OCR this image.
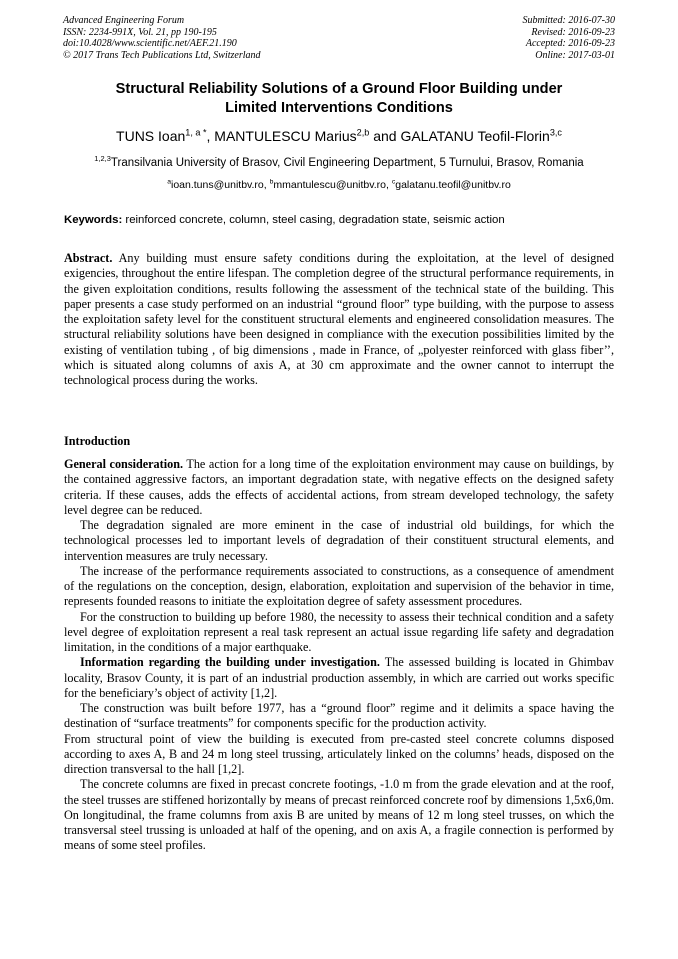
Advanced Engineering Forum
ISSN: 2234-991X, Vol. 21, pp 190-195
doi:10.4028/www.scientific.net/AEF.21.190
© 2017 Trans Tech Publications Ltd, Switzerland
Submitted: 2016-07-30
Revised: 2016-09-23
Accepted: 2016-09-23
Online: 2017-03-01
Structural Reliability Solutions of a Ground Floor Building under
Limited Interventions Conditions
TUNS Ioan$^{1, a *}$, MANTULESCU Marius$^{2,b}$ and GALATANU Teofil-Florin$^{3,c}$
$^{1,2,3}$Transilvania University of Brasov, Civil Engineering Department, 5 Turnului, Brasov, Romania
$^a$ioan.tuns@unitbv.ro, $^b$mmantulescu@unitbv.ro, $^c$galatanu.teofil@unitbv.ro
Keywords: reinforced concrete, column, steel casing, degradation state, seismic action

Abstract. Any building must ensure safety conditions during the exploitation, at the level of designed exigencies, throughout the entire lifespan. The completion degree of the structural performance requirements, in the given exploitation conditions, results following the assessment of the technical state of the building. This paper presents a case study performed on an industrial “ground floor” type building, with the purpose to assess the exploitation safety level for the constituent structural elements and engineered consolidation measures. The structural reliability solutions have been designed in compliance with the execution possibilities limited by the existing of ventilation tubing , of big dimensions , made in France, of „polyester reinforced with glass fiber’’, which is situated along columns of axis A, at 30 cm approximate and the owner cannot to interrupt the technological process during the works.

Introduction

General consideration. The action for a long time of the exploitation environment may cause on buildings, by the contained aggressive factors, an important degradation state, with negative effects on the designed safety criteria. If these causes, adds the effects of accidental actions, from stream developed technology, the safety level degree can be reduced.

The degradation signaled are more eminent in the case of industrial old buildings, for which the technological processes led to important levels of degradation of their constituent structural elements, and intervention measures are truly necessary.

The increase of the performance requirements associated to constructions, as a consequence of amendment of the regulations on the conception, design, elaboration, exploitation and supervision of the behavior in time, represents founded reasons to initiate the exploitation degree of safety assessment procedures.

For the construction to building up before 1980, the necessity to assess their technical condition and a safety level degree of exploitation represent a real task represent an actual issue regarding life safety and degradation limitation, in the conditions of a major earthquake.

Information regarding the building under investigation. The assessed building is located in Ghimbav locality, Brasov County, it is part of an industrial production assembly, in which are carried out works specific for the beneficiary’s object of activity [1,2].

The construction was built before 1977, has a “ground floor” regime and it delimits a space having the destination of “surface treatments” for components specific for the production activity.

From structural point of view the building is executed from pre-casted steel concrete columns disposed according to axes A, B and 24 m long steel trussing, articulately linked on the columns’ heads, disposed on the direction transversal to the hall [1,2].

The concrete columns are fixed in precast concrete footings, -1.0 m from the grade elevation and at the roof, the steel trusses are stiffened horizontally by means of precast reinforced concrete roof by dimensions 1,5x6,0m. On longitudinal, the frame columns from axis B are united by means of 12 m long steel trusses, on which the transversal steel trussing is unloaded at half of the opening, and on axis A, a fragile connection is performed by means of some steel profiles.
